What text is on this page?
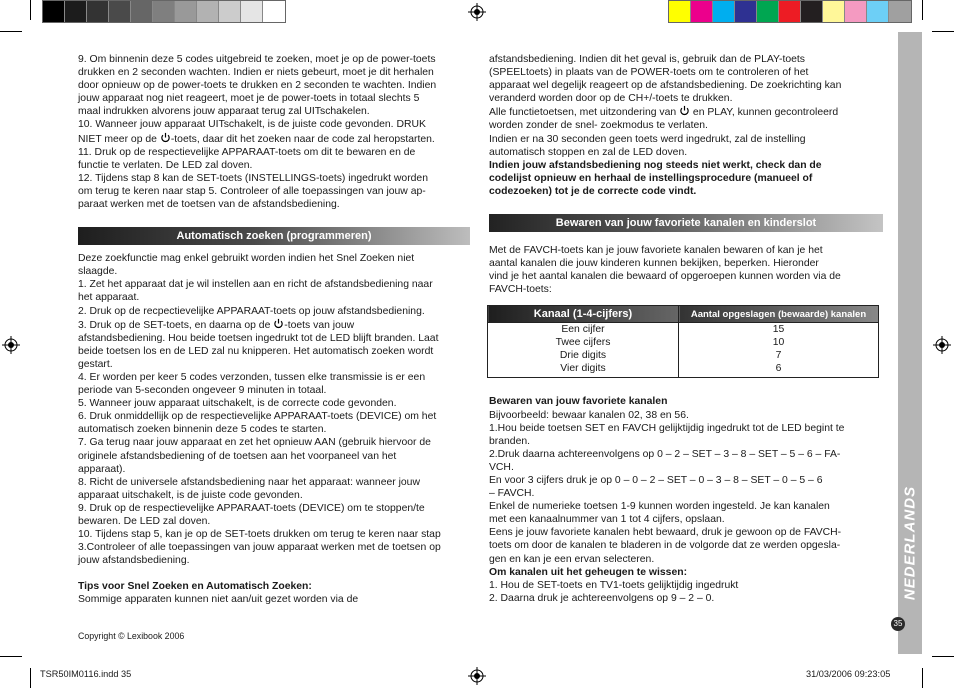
9. Om binnenin deze 5 codes uitgebreid te zoeken, moet je op de power-toets

drukken en 2 seconden wachten. Indien er niets gebeurt, moet je dit herhalen

door opnieuw op de power-toets te drukken en 2 seconden te wachten. Indien

jouw apparaat nog niet reageert, moet je de power-toets in totaal slechts 5

maal indrukken alvorens jouw apparaat terug zal UITschakelen.

10. Wanneer jouw apparaat UITschakelt, is de juiste code gevonden. DRUK

NIET meer op de -toets, daar dit het zoeken naar de code zal heropstarten.

11. Druk op de respectievelijke APPARAAT-toets om dit te bewaren en de

functie te verlaten. De LED zal doven.

12. Tijdens stap 8 kan de SET-toets (INSTELLINGS-toets) ingedrukt worden

om terug te keren naar stap 5. Controleer of alle toepassingen van jouw ap-

paraat werken met de toetsen van de afstandsbediening.

Automatisch zoeken (programmeren)

Deze zoekfunctie mag enkel gebruikt worden indien het Snel Zoeken niet

slaagde.

1. Zet het apparaat dat je wil instellen aan en richt de afstandsbediening naar

het apparaat.

2. Druk op de recpectievelijke APPARAAT-toets op jouw afstandsbediening.

3. Druk op de SET-toets, en daarna op de -toets van jouw

afstandsbediening. Hou beide toetsen ingedrukt tot de LED blijft branden. Laat

beide toetsen los en de LED zal nu knipperen. Het automatisch zoeken wordt

gestart.

4. Er worden per keer 5 codes verzonden, tussen elke transmissie is er een

periode van 5-seconden ongeveer 9 minuten in totaal.

5. Wanneer jouw apparaat uitschakelt, is de correcte code gevonden.

6. Druk onmiddellijk op de respectievelijke APPARAAT-toets (DEVICE) om het

automatisch zoeken binnenin deze 5 codes te starten.

7. Ga terug naar jouw apparaat en zet het opnieuw AAN (gebruik hiervoor de

originele afstandsbediening of de toetsen aan het voorpaneel van het

apparaat).

8. Richt de universele afstandsbediening naar het apparaat: wanneer jouw

apparaat uitschakelt, is de juiste code gevonden.

9. Druk op de respectievelijke APPARAAT-toets (DEVICE) om te stoppen/te

bewaren. De LED zal doven.

10. Tijdens stap 5, kan je op de SET-toets drukken om terug te keren naar stap

3.Controleer of alle toepassingen van jouw apparaat werken met de toetsen op

jouw afstandsbediening.

Tips voor Snel Zoeken en Automatisch Zoeken:

Sommige apparaten kunnen niet aan/uit gezet worden via de

Copyright © Lexibook 2006

afstandsbediening. Indien dit het geval is, gebruik dan de PLAY-toets

(SPEELtoets) in plaats van de POWER-toets om te controleren of het

apparaat wel degelijk reageert op de afstandsbediening. De zoekrichting kan

veranderd worden door op de CH+/-toets te drukken.

Alle functietoetsen, met uitzondering van  en PLAY, kunnen gecontroleerd

worden zonder de snel- zoekmodus te verlaten.

Indien er na 30 seconden geen toets werd ingedrukt, zal de instelling

automatisch stoppen en zal de LED doven.

Indien jouw afstandsbediening nog steeds niet werkt, check dan de

codelijst opnieuw en herhaal de instellingsprocedure (manueel of

codezoeken) tot je de correcte code vindt.

Bewaren van jouw favoriete kanalen en kinderslot

Met de FAVCH-toets kan je jouw favoriete kanalen bewaren of kan je het

aantal kanalen die jouw kinderen kunnen bekijken, beperken. Hieronder

vind je het aantal kanalen die bewaard of opgeroepen kunnen worden via de

FAVCH-toets:

Kanaal (1-4-cijfers)	Aantal opgeslagen (bewaarde) kanalen
Een cijfer	15
Twee cijfers	10
Drie digits	7
Vier digits	6

Bewaren van jouw favoriete kanalen

Bijvoorbeeld: bewaar kanalen 02, 38 en 56.

1.Hou beide toetsen SET en FAVCH gelijktijdig ingedrukt tot de LED begint te

branden.

2.Druk daarna achtereenvolgens op 0 – 2 – SET – 3 – 8 – SET – 5 – 6 – FA-

VCH.

En voor 3 cijfers druk je op 0 – 0 – 2 – SET – 0 – 3 – 8 – SET – 0 – 5 – 6

– FAVCH.

Enkel de numerieke toetsen 1-9 kunnen worden ingesteld. Je kan kanalen

met een kanaalnummer van 1 tot 4 cijfers, opslaan.

Eens je jouw favoriete kanalen hebt bewaard, druk je gewoon op de FAVCH-

toets om door de kanalen te bladeren in de volgorde dat ze werden opgesla-

gen en kan je een ervan selecteren.

Om kanalen uit het geheugen te wissen:

1. Hou de SET-toets en TV1-toets gelijktijdig ingedrukt

2. Daarna druk je achtereenvolgens op 9 – 2 – 0.	NEDERLANDS
35
TSR50IM0116.indd 35	31/03/2006 09:23:05
